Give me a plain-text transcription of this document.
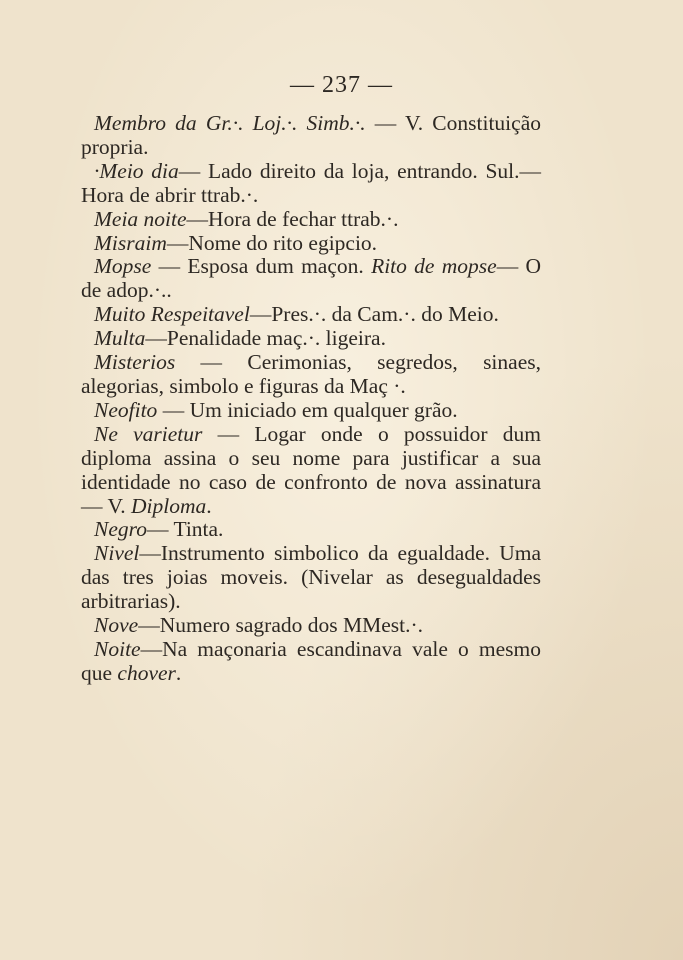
— 237 —

Membro da Gr.·. Loj.·. Simb.·. — V. Constituição propria.

·Meio dia— Lado direito da loja, entrando. Sul.—Hora de abrir ttrab.·.

Meia noite—Hora de fechar ttrab.·.

Misraim—Nome do rito egipcio.

Mopse — Esposa dum maçon. Rito de mopse— O de adop.·..

Muito Respeitavel—Pres.·. da Cam.·. do Meio.

Multa—Penalidade maç.·. ligeira.

Misterios — Cerimonias, segredos, sinaes, alegorias, simbolo e figuras da Maç ·.

Neofito — Um iniciado em qualquer grão.

Ne varietur — Logar onde o possuidor dum diploma assina o seu nome para justificar a sua identidade no caso de confronto de nova assinatura — V. Diploma.

Negro— Tinta.

Nivel—Instrumento simbolico da egualdade. Uma das tres joias moveis. (Nivelar as desegualdades arbitrarias).

Nove—Numero sagrado dos MMest.·.

Noite—Na maçonaria escandinava vale o mesmo que chover.
